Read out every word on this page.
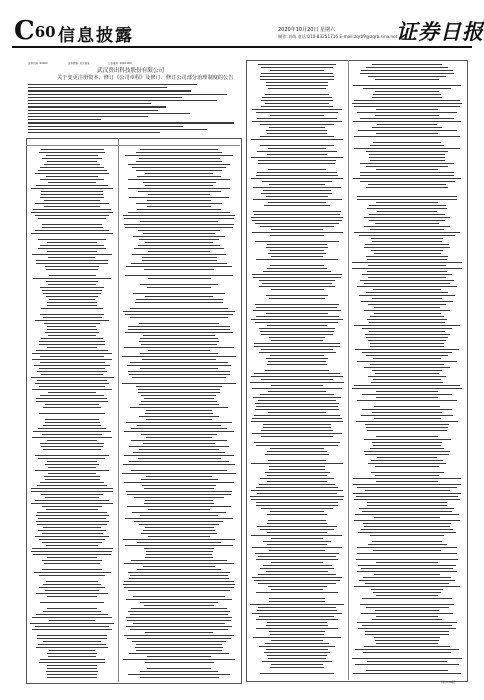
C60 信息披露	2020年10月20日 星期六
制作:刘萌 电话:010-83251716 E-mail:zqrb9@zqrb.sina.net
证券日报
证券代码: 00000	证券简称: 武汉某某	公告编号: 2020-000
武汉贵出科技股份有限公司
关于变更注册资本、修订《公司章程》及修订、修订公司部分治理制度的公告
下转C59版
